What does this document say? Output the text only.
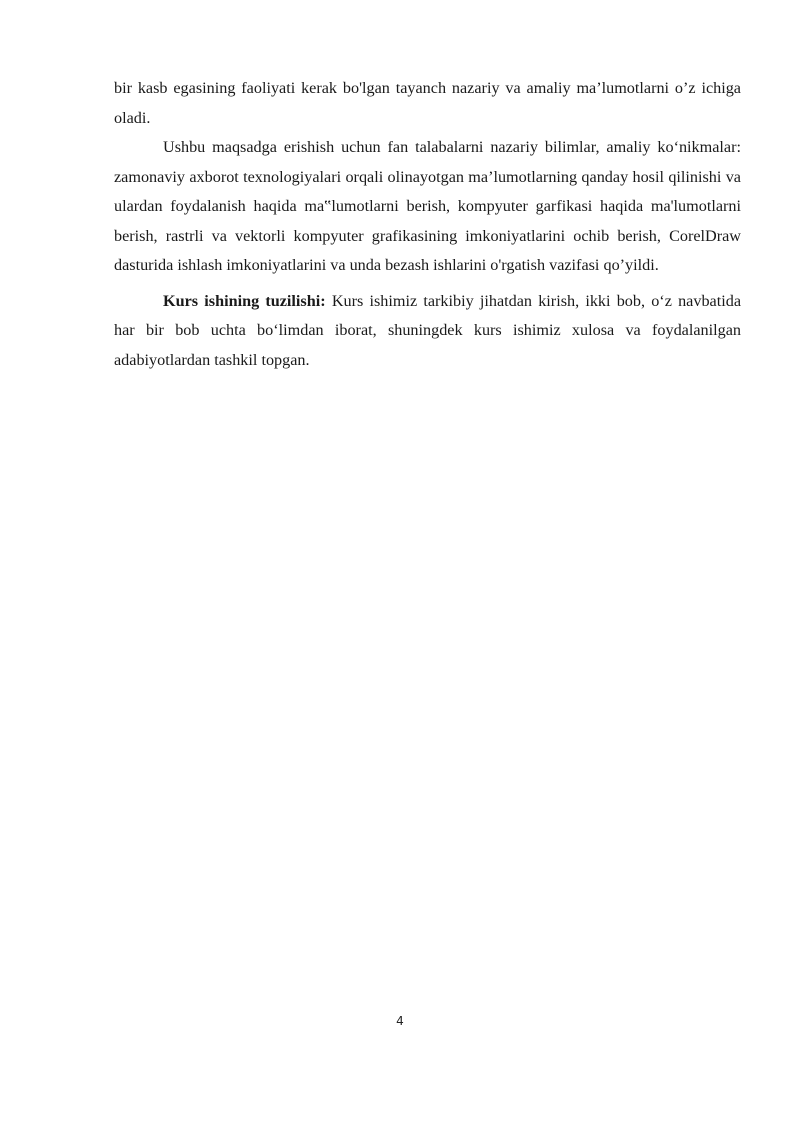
bir kasb egasining faoliyati kerak bo'lgan tayanch nazariy va amaliy ma’lumotlarni o’z ichiga oladi.

Ushbu maqsadga erishish uchun fan talabalarni nazariy bilimlar, amaliy ko‘nikmalar: zamonaviy axborot texnologiyalari orqali olinayotgan ma’lumotlarning qanday hosil qilinishi va ulardan foydalanish haqida ma‟lumotlarni berish, kompyuter garfikasi haqida ma'lumotlarni berish, rastrli va vektorli kompyuter grafikasining imkoniyatlarini ochib berish, CorelDraw dasturida ishlash imkoniyatlarini va unda bezash ishlarini o'rgatish vazifasi qo’yildi.

Kurs ishining tuzilishi: Kurs ishimiz tarkibiy jihatdan kirish, ikki bob, o‘z navbatida har bir bob uchta bo‘limdan iborat, shuningdek kurs ishimiz xulosa va foydalanilgan adabiyotlardan tashkil topgan.

4
